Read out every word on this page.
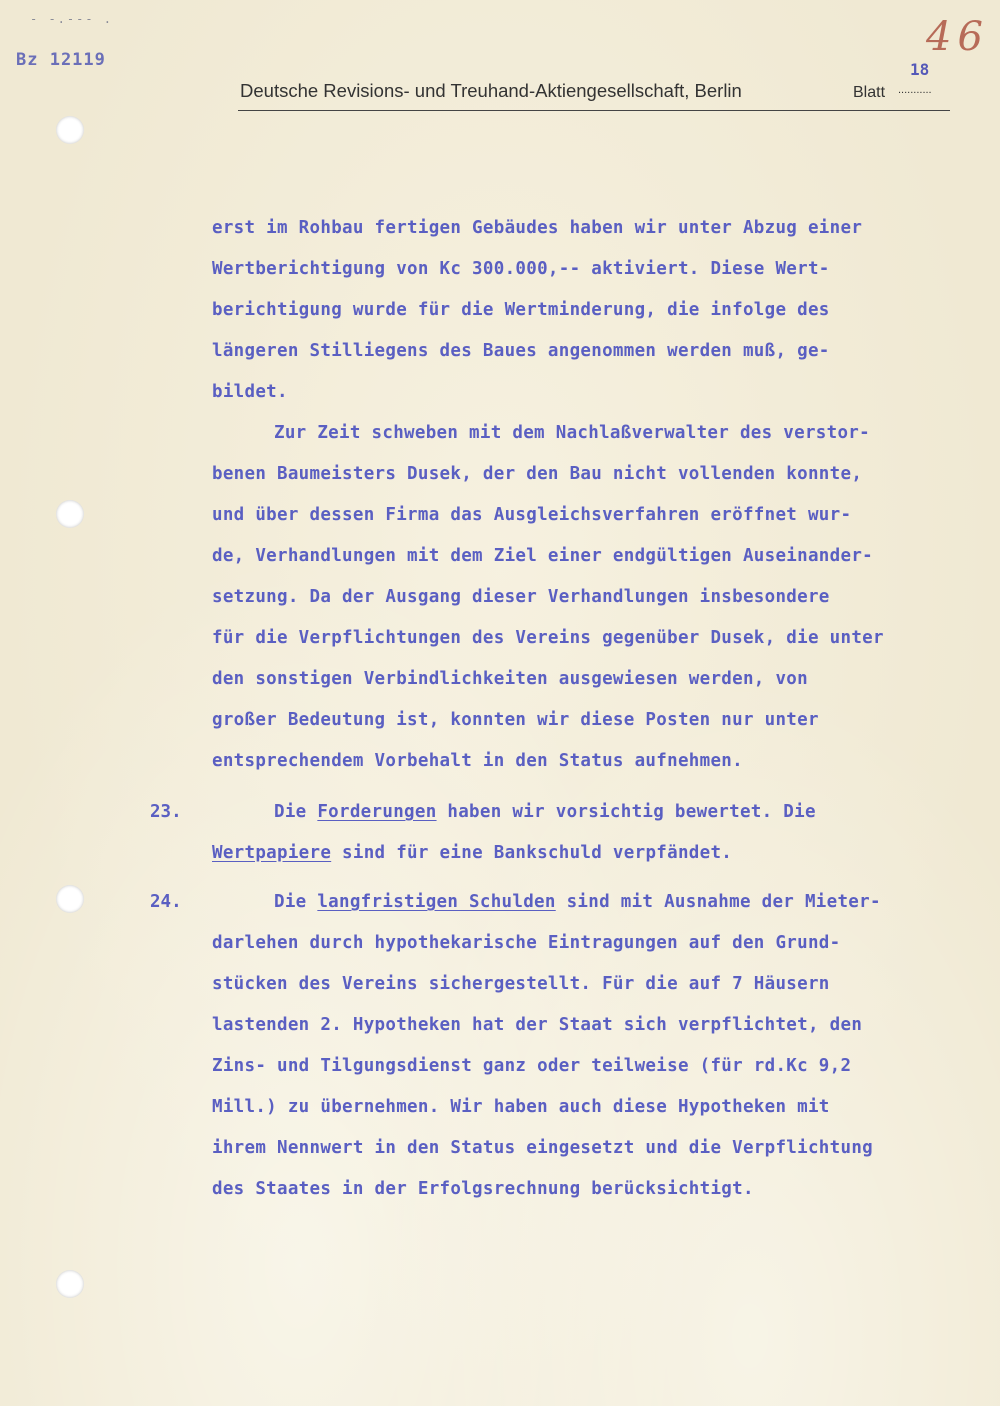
- -.--- .
Bz 12119	46
Deutsche Revisions- und Treuhand-Aktiengesellschaft, Berlin
18
Blatt ...........
erst im Rohbau fertigen Gebäudes haben wir unter Abzug einer
Wertberichtigung von Kc 300.000,-- aktiviert. Diese Wert-
berichtigung wurde für die Wertminderung, die infolge des
längeren Stilliegens des Baues angenommen werden muß, ge-
bildet.
Zur Zeit schweben mit dem Nachlaßverwalter des verstor-
benen Baumeisters Dusek, der den Bau nicht vollenden konnte,
und über dessen Firma das Ausgleichsverfahren eröffnet wur-
de, Verhandlungen mit dem Ziel einer endgültigen Auseinander-
setzung. Da der Ausgang dieser Verhandlungen insbesondere
für die Verpflichtungen des Vereins gegenüber Dusek, die unter
den sonstigen Verbindlichkeiten ausgewiesen werden, von
großer Bedeutung ist, konnten wir diese Posten nur unter
entsprechendem Vorbehalt in den Status aufnehmen.
23.	Die Forderungen haben wir vorsichtig bewertet. Die
Wertpapiere sind für eine Bankschuld verpfändet.
24.	Die langfristigen Schulden sind mit Ausnahme der Mieter-
darlehen durch hypothekarische Eintragungen auf den Grund-
stücken des Vereins sichergestellt. Für die auf 7 Häusern
lastenden 2. Hypotheken hat der Staat sich verpflichtet, den
Zins- und Tilgungsdienst ganz oder teilweise (für rd.Kc 9,2
Mill.) zu übernehmen. Wir haben auch diese Hypotheken mit
ihrem Nennwert in den Status eingesetzt und die Verpflichtung
des Staates in der Erfolgsrechnung berücksichtigt.
